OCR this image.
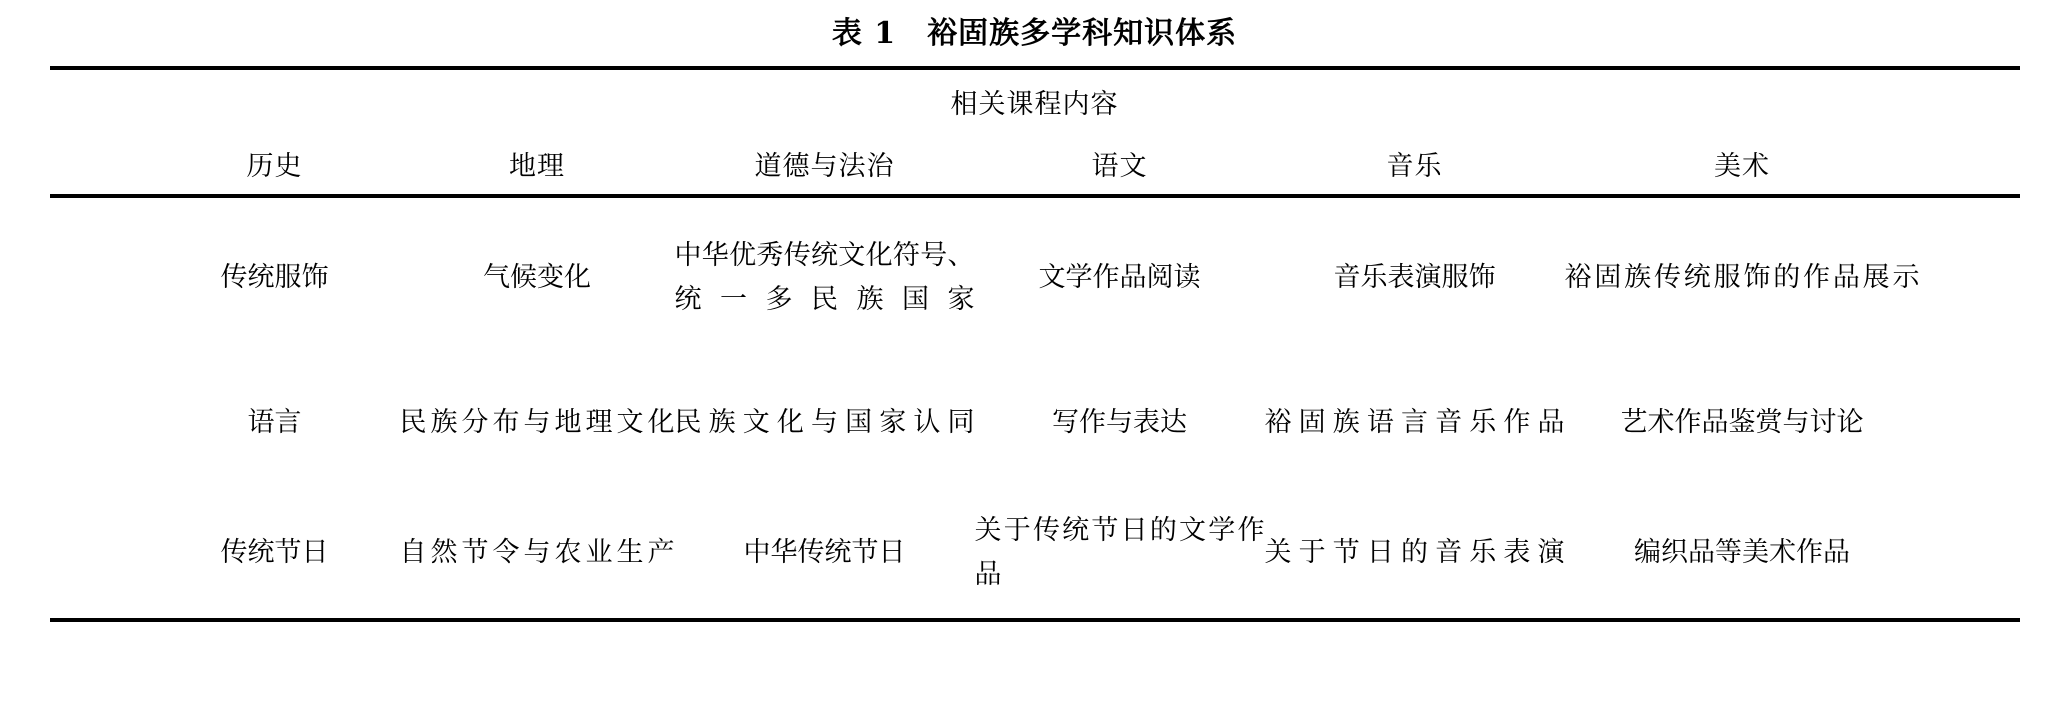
表 1　裕固族多学科知识体系
相关课程内容							
	历史	地理	道德与法治	语文	音乐	美术	
	传统服饰	气候变化	中华优秀传统文化符号、统一多民族国家	文学作品阅读	音乐表演服饰	裕固族传统服饰的作品展示	
	语言	民族分布与地理文化	民族文化与国家认同	写作与表达	裕固族语言音乐作品	艺术作品鉴赏与讨论	
	传统节日	自然节令与农业生产	中华传统节日	关于传统节日的文学作品	关于节日的音乐表演	编织品等美术作品	
